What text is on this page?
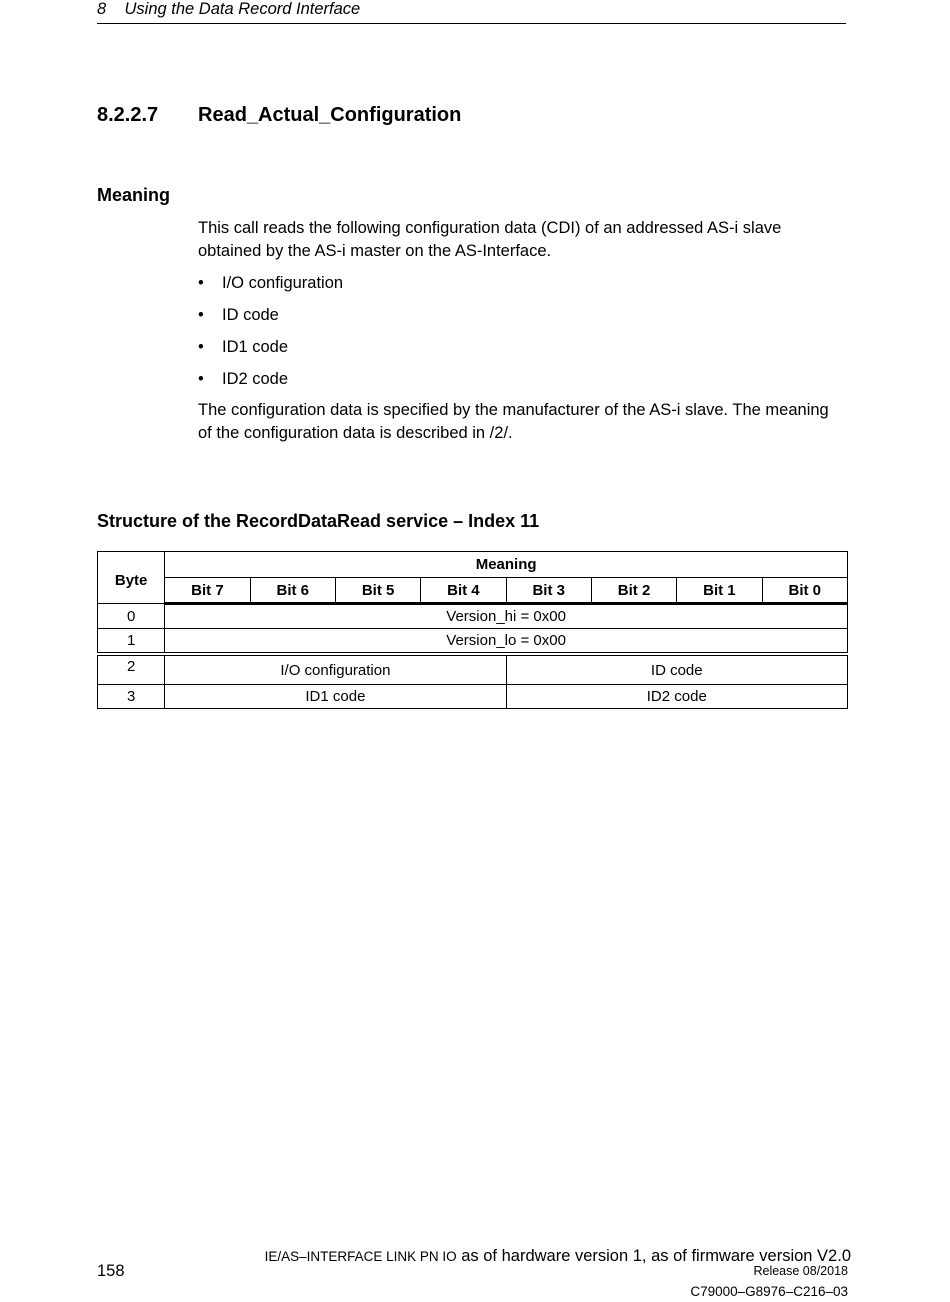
8    Using the Data Record Interface
8.2.2.7 Read_Actual_Configuration
Meaning
This call reads the following configuration data (CDI) of an addressed AS-i slave obtained by the AS-i master on the AS-Interface.
• I/O configuration
• ID code
• ID1 code
• ID2 code
The configuration data is specified by the manufacturer of the AS-i slave. The meaning of the configuration data is described in /2/.
Structure of the RecordDataRead service – Index 11
Byte	Meaning							
	Bit 7	Bit 6	Bit 5	Bit 4	Bit 3	Bit 2	Bit 1	Bit 0
0	Version_hi = 0x00							
1	Version_lo = 0x00							
2	I/O configuration				ID code			
3	ID1 code				ID2 code			
158
IE/AS–INTERFACE LINK PN IO as of hardware version 1, as of firmware version V2.0
Release 08/2018
C79000–G8976–C216–03
